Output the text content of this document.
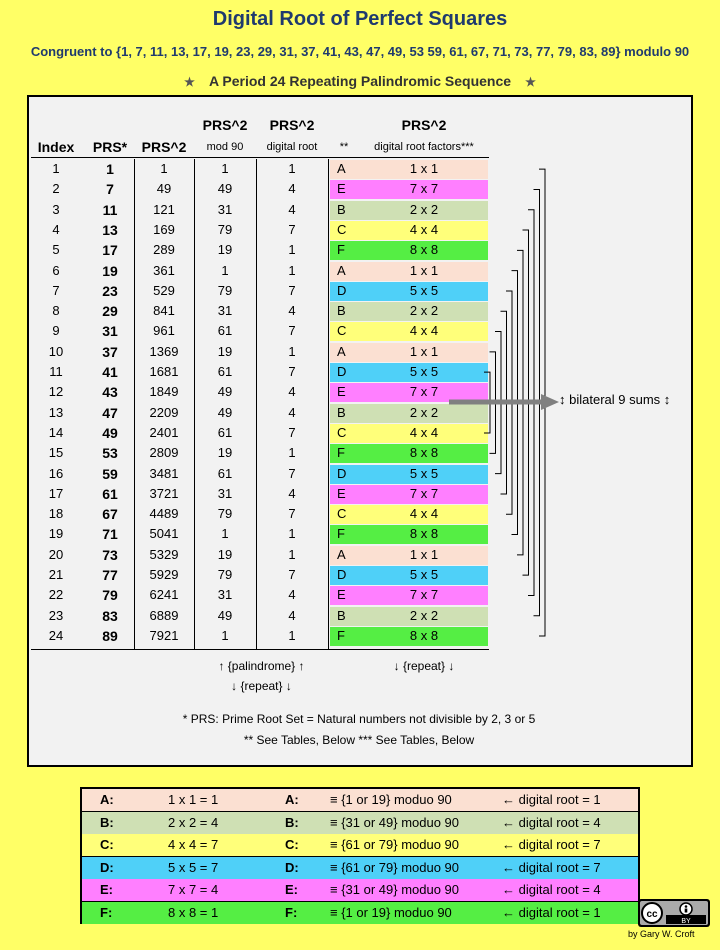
Digital Root of Perfect Squares
Congruent to {1, 7, 11, 13, 17, 19, 23, 29, 31, 37, 41, 43, 47, 49, 53 59, 61, 67, 71, 73, 77, 79, 83, 89} modulo 90
★ A Period 24 Repeating Palindromic Sequence ★
Index	PRS*	PRS^2
PRS^2
mod 90
PRS^2
digital root	**
PRS^2
digital root factors***
1	1	1	1	1	A	1 x 1
2	7	49	49	4	E	7 x 7
3	11	121	31	4	B	2 x 2
4	13	169	79	7	C	4 x 4
5	17	289	19	1	F	8 x 8
6	19	361	1	1	A	1 x 1
7	23	529	79	7	D	5 x 5
8	29	841	31	4	B	2 x 2
9	31	961	61	7	C	4 x 4
10	37	1369	19	1	A	1 x 1
11	41	1681	61	7	D	5 x 5
12	43	1849	49	4	E	7 x 7
13	47	2209	49	4	B	2 x 2
14	49	2401	61	7	C	4 x 4
15	53	2809	19	1	F	8 x 8
16	59	3481	61	7	D	5 x 5
17	61	3721	31	4	E	7 x 7
18	67	4489	79	7	C	4 x 4
19	71	5041	1	1	F	8 x 8
20	73	5329	19	1	A	1 x 1
21	77	5929	79	7	D	5 x 5
22	79	6241	31	4	E	7 x 7
23	83	6889	49	4	B	2 x 2
24	89	7921	1	1	F	8 x 8
↕ bilateral 9 sums ↕
↑ {palindrome} ↑
↓ {repeat} ↓
↓ {repeat} ↓
* PRS: Prime Root Set = Natural numbers not divisible by 2, 3 or 5
** See Tables, Below *** See Tables, Below
A:	1 x 1 = 1	A: ≡ {1 or 19} moduo 90	← digital root = 1
B:	2 x 2 = 4	B: ≡ {31 or 49} moduo 90	← digital root = 4
C:	4 x 4 = 7	C: ≡ {61 or 79} moduo 90	← digital root = 7
D:	5 x 5 = 7	D: ≡ {61 or 79} moduo 90	← digital root = 7
E:	7 x 7 = 4	E: ≡ {31 or 49} moduo 90	← digital root = 4
F:	8 x 8 = 1	F:	≡ {1 or 19} moduo 90	← digital root = 1	cc
BY
by Gary W. Croft
